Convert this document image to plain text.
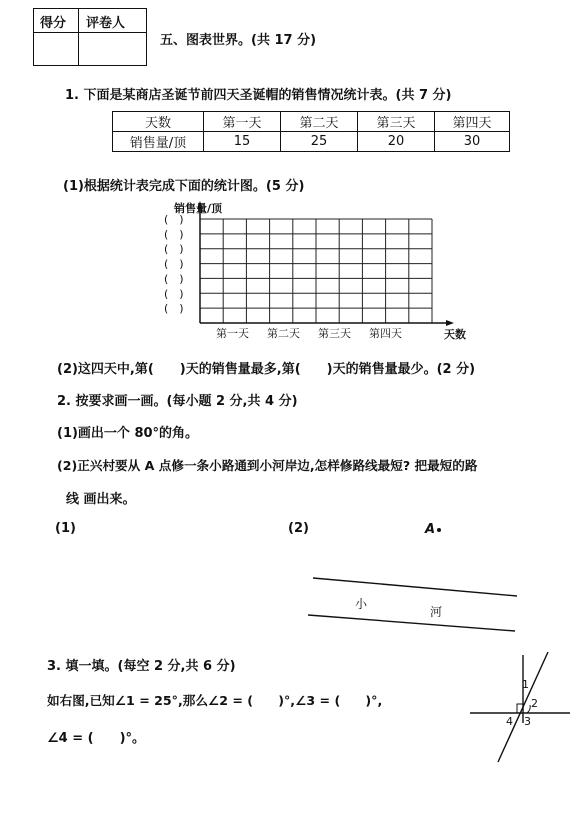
得分 评卷人
五、图表世界。(共 17 分)
1. 下面是某商店圣诞节前四天圣诞帽的销售情况统计表。(共 7 分)
天数	第一天	第二天	第三天	第四天
销售量/顶	15	25	20	30
(1)根据统计表完成下面的统计图。(5 分)
(　)
(　)
(　)
(　)
(　)
(　)
(　)
销售量/顶
天数
第一天 第二天 第三天 第四天
(2)这四天中,第(　　)天的销售量最多,第(　　)天的销售量最少。(2 分)
2. 按要求画一画。(每小题 2 分,共 4 分)
(1)画出一个 80°的角。
(2)正兴村要从 A 点修一条小路通到小河岸边,怎样修路线最短? 把最短的路
线 画出来。
(1)	(2)	A
小
河
3. 填一填。(每空 2 分,共 6 分)
如右图,已知∠1 = 25°,那么∠2 = (　　)°,∠3 = (　　)°,
∠4 = (　　)°。
1
2
3
4
